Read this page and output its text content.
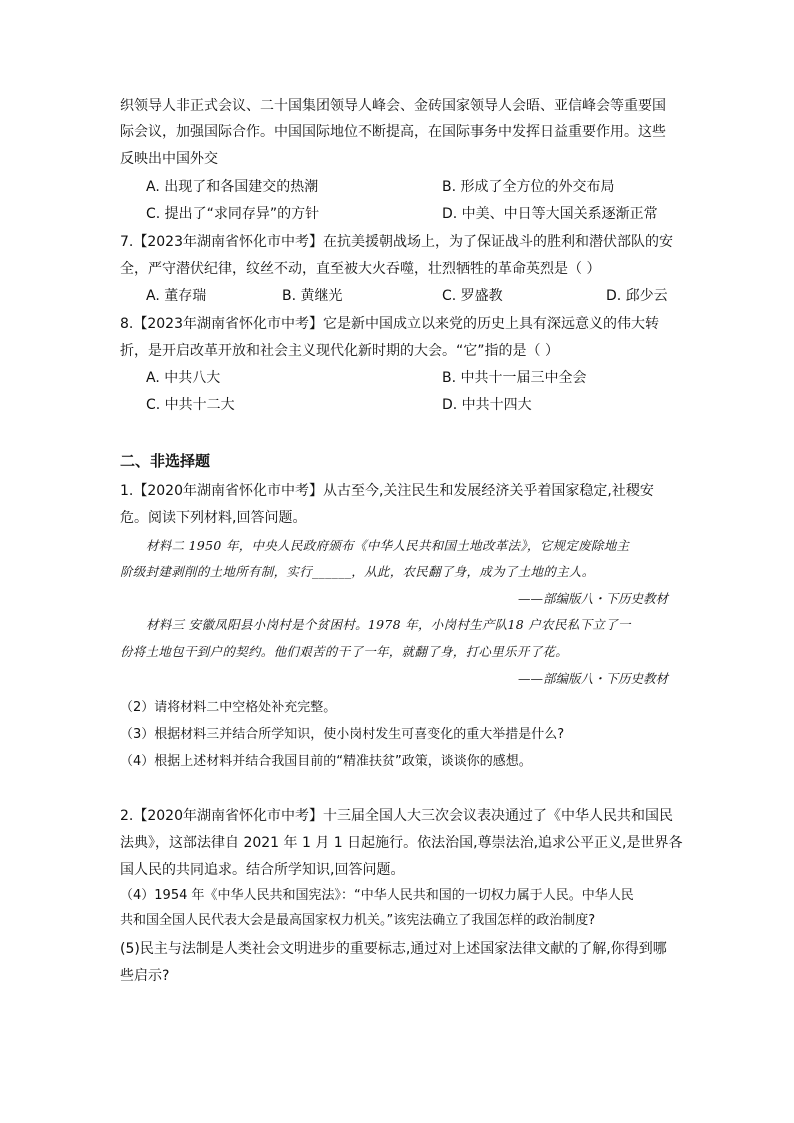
织领导人非正式会议、二十国集团领导人峰会、金砖国家领导人会晤、亚信峰会等重要国
际会议，加强国际合作。中国国际地位不断提高，在国际事务中发挥日益重要作用。这些
反映出中国外交
A. 出现了和各国建交的热潮	B. 形成了全方位的外交布局
C. 提出了“求同存异”的方针	D. 中美、中日等大国关系逐渐正常
7.【2023年湖南省怀化市中考】在抗美援朝战场上，为了保证战斗的胜利和潜伏部队的安
全，严守潜伏纪律，纹丝不动，直至被大火吞噬，壮烈牺牲的革命英烈是（ ）
A. 董存瑞	B. 黄继光	C. 罗盛教	D. 邱少云
8.【2023年湖南省怀化市中考】它是新中国成立以来党的历史上具有深远意义的伟大转
折，是开启改革开放和社会主义现代化新时期的大会。“它”指的是（ ）
A. 中共八大	B. 中共十一届三中全会
C. 中共十二大	D. 中共十四大
二、非选择题
1.【2020年湖南省怀化市中考】从古至今,关注民生和发展经济关乎着国家稳定,社稷安
危。阅读下列材料,回答问题。
材料二 1950 年，中央人民政府颁布《中华人民共和国土地改革法》，它规定废除地主
阶级封建剥削的土地所有制，实行______，从此，农民翻了身，成为了土地的主人。
——部编版八・下历史教材
材料三 安徽凤阳县小岗村是个贫困村。1978 年，小岗村生产队18 户农民私下立了一
份将土地包干到户的契约。他们艰苦的干了一年，就翻了身，打心里乐开了花。
——部编版八・下历史教材
（2）请将材料二中空格处补充完整。
（3）根据材料三并结合所学知识，使小岗村发生可喜变化的重大举措是什么?
（4）根据上述材料并结合我国目前的“精准扶贫”政策，谈谈你的感想。
2.【2020年湖南省怀化市中考】十三届全国人大三次会议表决通过了《中华人民共和国民
法典》，这部法律自 2021 年 1 月 1 日起施行。依法治国,尊崇法治,追求公平正义,是世界各
国人民的共同追求。结合所学知识,回答问题。
（4）1954 年《中华人民共和国宪法》：“中华人民共和国的一切权力属于人民。中华人民
共和国全国人民代表大会是最高国家权力机关。”该宪法确立了我国怎样的政治制度?
(5)民主与法制是人类社会文明进步的重要标志,通过对上述国家法律文献的了解,你得到哪
些启示?
